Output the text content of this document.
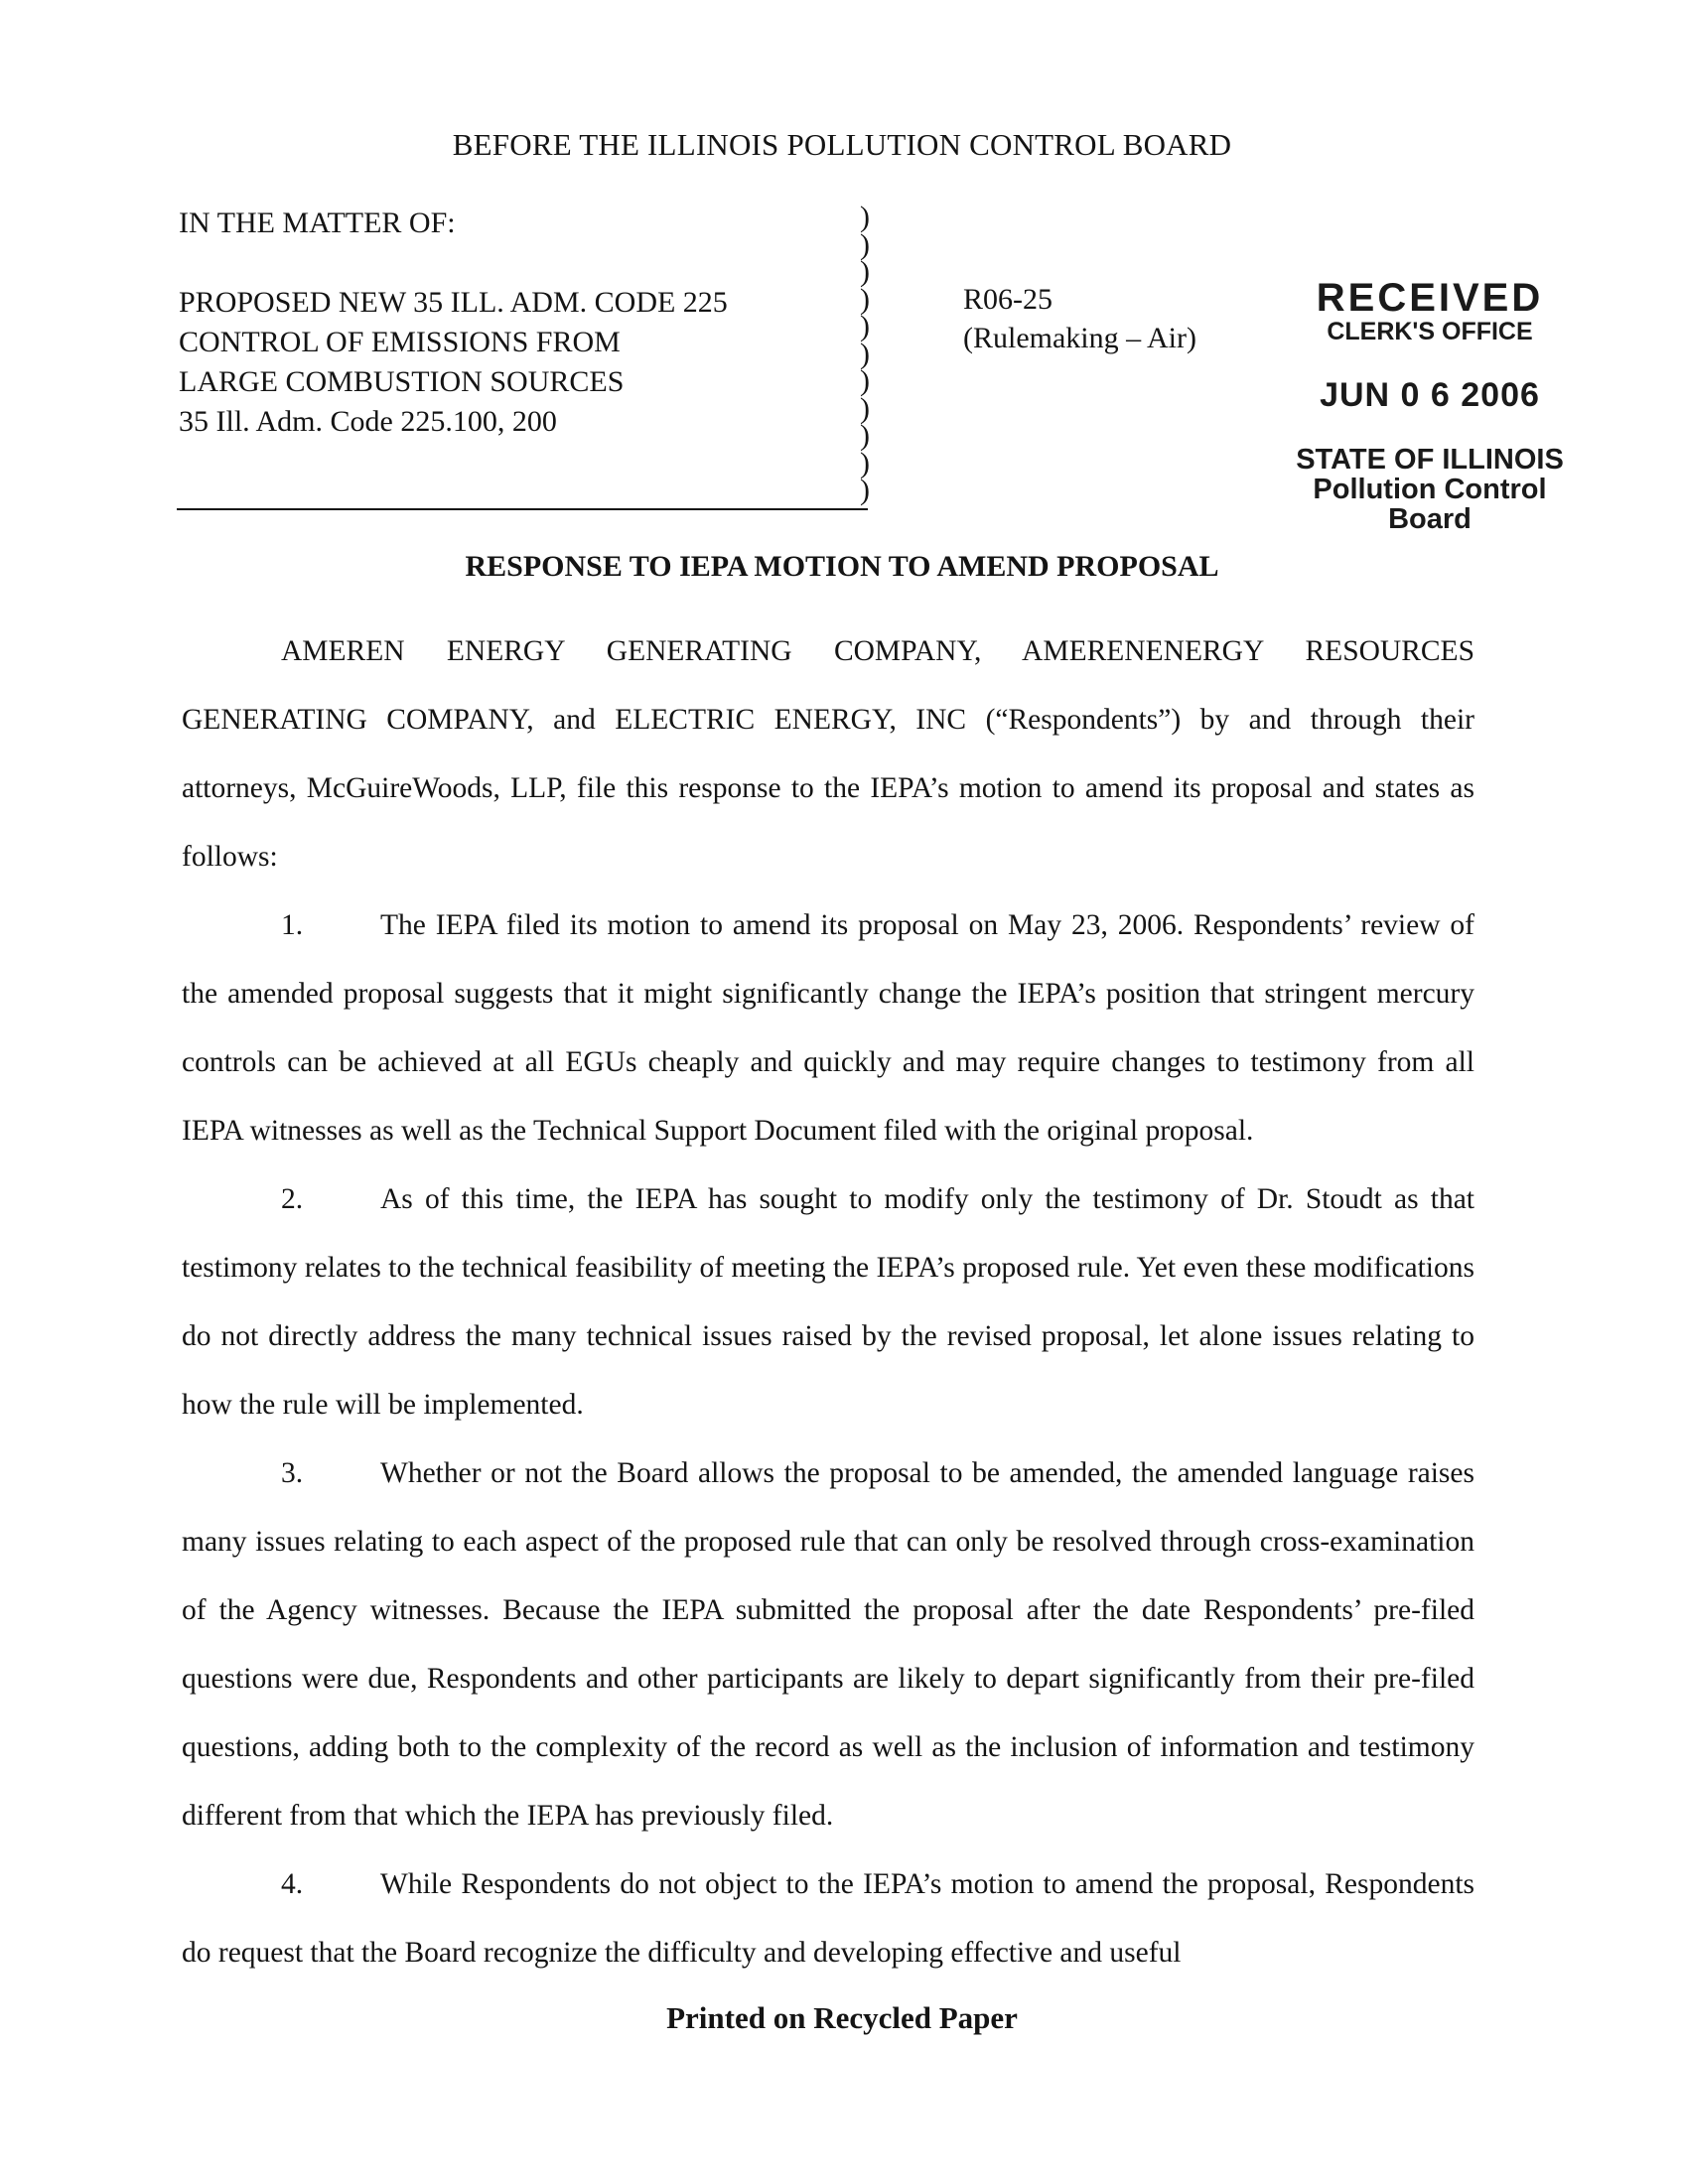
BEFORE THE ILLINOIS POLLUTION CONTROL BOARD
IN THE MATTER OF:
PROPOSED NEW 35 ILL. ADM. CODE 225
CONTROL OF EMISSIONS FROM
LARGE COMBUSTION SOURCES
35 Ill. Adm. Code 225.100, 200
)
)
)
)
)
)
)
)
)
)
)
R06-25
(Rulemaking – Air)
RECEIVED
CLERK'S OFFICE
JUN 0 6 2006
STATE OF ILLINOIS
Pollution Control Board
RESPONSE TO IEPA MOTION TO AMEND PROPOSAL

AMEREN ENERGY GENERATING COMPANY, AMERENENERGY RESOURCES GENERATING COMPANY, and ELECTRIC ENERGY, INC (“Respondents”) by and through their attorneys, McGuireWoods, LLP, file this response to the IEPA’s motion to amend its proposal and states as follows:

1.	The IEPA filed its motion to amend its proposal on May 23, 2006. Respondents’ review of the amended proposal suggests that it might significantly change the IEPA’s position that stringent mercury controls can be achieved at all EGUs cheaply and quickly and may require changes to testimony from all IEPA witnesses as well as the Technical Support Document filed with the original proposal.

2.	As of this time, the IEPA has sought to modify only the testimony of Dr. Stoudt as that testimony relates to the technical feasibility of meeting the IEPA’s proposed rule. Yet even these modifications do not directly address the many technical issues raised by the revised proposal, let alone issues relating to how the rule will be implemented.

3.	Whether or not the Board allows the proposal to be amended, the amended language raises many issues relating to each aspect of the proposed rule that can only be resolved through cross-examination of the Agency witnesses. Because the IEPA submitted the proposal after the date Respondents’ pre-filed questions were due, Respondents and other participants are likely to depart significantly from their pre-filed questions, adding both to the complexity of the record as well as the inclusion of information and testimony different from that which the IEPA has previously filed.

4.	While Respondents do not object to the IEPA’s motion to amend the proposal, Respondents do request that the Board recognize the difficulty and developing effective and useful

Printed on Recycled Paper
